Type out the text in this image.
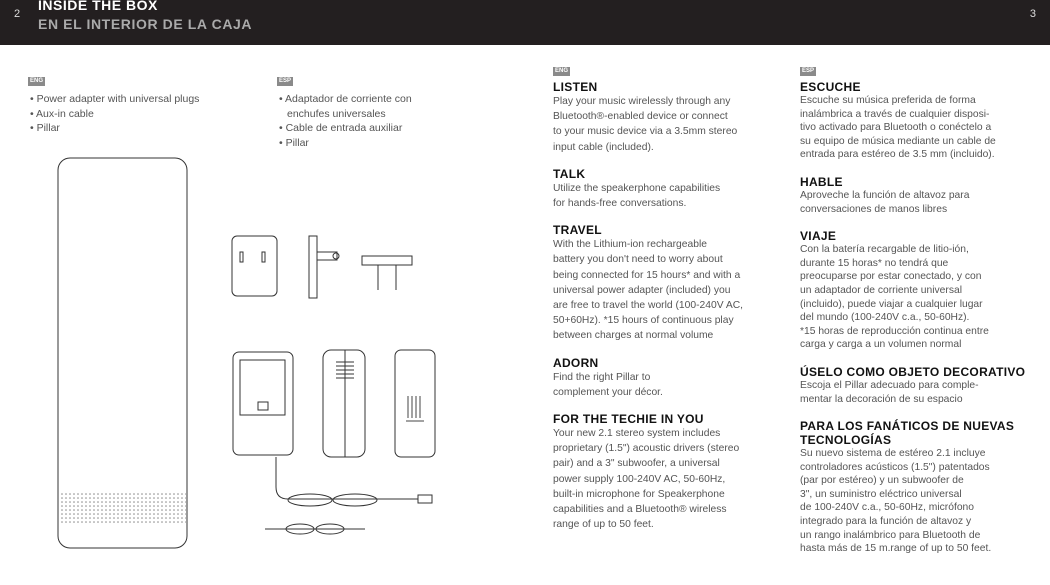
2	3
INSIDE THE BOX
EN EL INTERIOR DE LA CAJA
ENG
• Power adapter with universal plugs
• Aux-in cable
• Pillar
ESP
• Adaptador de corriente con enchufes universales
• Cable de entrada auxiliar
• Pillar
ENG
LISTEN

Play your music wirelessly through any
Bluetooth®-enabled device or connect
to your music device via a 3.5mm stereo
input cable (included).

TALK

Utilize the speakerphone capabilities
for hands-free conversations.

TRAVEL

With the Lithium-ion rechargeable
battery you don't need to worry about
being connected for 15 hours* and with a
universal power adapter (included) you
are free to travel the world (100-240V AC,
50+60Hz). *15 hours of continuous play
between charges at normal volume

ADORN

Find the right Pillar to
complement your décor.

FOR THE TECHIE IN YOU

Your new 2.1 stereo system includes
proprietary (1.5") acoustic drivers (stereo
pair) and a 3" subwoofer, a universal
power supply 100-240V AC, 50-60Hz,
built-in microphone for Speakerphone
capabilities and a Bluetooth® wireless
range of up to 50 feet.

ESP
ESCUCHE

Escuche su música preferida de forma
inalámbrica a través de cualquier disposi-
tivo activado para Bluetooth o conéctelo a
su equipo de música mediante un cable de
entrada para estéreo de 3.5 mm (incluido).

HABLE

Aproveche la función de altavoz para
conversaciones de manos libres

VIAJE

Con la batería recargable de litio-ión,
durante 15 horas* no tendrá que
preocuparse por estar conectado, y con
un adaptador de corriente universal
(incluido), puede viajar a cualquier lugar
del mundo (100-240V c.a., 50-60Hz).
*15 horas de reproducción continua entre
carga y carga a un volumen normal

ÚSELO COMO OBJETO DECORATIVO

Escoja el Pillar adecuado para comple-
mentar la decoración de su espacio

PARA LOS FANÁTICOS DE NUEVAS TECNOLOGÍAS

Su nuevo sistema de estéreo 2.1 incluye
controladores acústicos (1.5") patentados
(par por estéreo) y un subwoofer de
3", un suministro eléctrico universal
de 100-240V c.a., 50-60Hz, micrófono
integrado para la función de altavoz y
un rango inalámbrico para Bluetooth de
hasta más de 15 m.range of up to 50 feet.
